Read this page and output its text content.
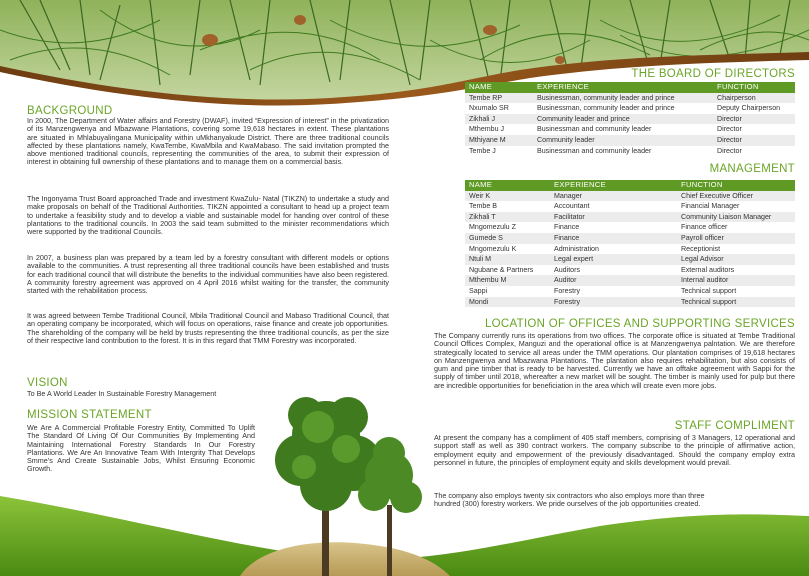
BACKGROUND

In 2000, The Department of Water affairs and Forestry (DWAF), invited “Expression of interest” in the privatization of its Manzengwenya and Mbazwane Plantations, covering some 19,618 hectares in extent. These plantations are situated in Mhlabuyalingana Municipality within uMkhanyakude District. There are three traditional councils affected by these plantations namely, KwaTembe, KwaMbila and KwaMabaso. The said invitation prompted the above mentioned traditional councils, representing the communities of the area, to submit their expression of interest in obtaining full ownership of these plantations and to manage them on a commercial basis.

The Ingonyama Trust Board approached Trade and investment KwaZulu- Natal (TIKZN) to undertake a study and make proposals on behalf of the Traditional Authorities. TIKZN appointed a consultant to head up a project team to undertake a feasibility study and to develop a viable and sustainable model for handing over control of these plantations to the traditional councils. In 2003 the said team submitted to the minister recommendations which were supported by the traditional Councils.

In 2007, a business plan was prepared by a team led by a forestry consultant with different models or options available to the communities. A trust representing all three traditional councils have been established and trusts for each traditional council that will distribute the benefits to the individual communities have also been registered. A community forestry agreement was approved on 4 April 2016 whilst waiting for the transfer, the community started with the rehabilitation process.

It was agreed between Tembe Traditional Council, Mbila Traditional Council and Mabaso Traditional Council, that an operating company be incorporated, which will focus on operations, raise finance and create job opportunities. The shareholding of the company will be held by trusts representing the three traditional councils, as per the size of their respective land contribution to the forest. It is in this regard that TMM Forestry was incorporated.

VISION

To Be A World Leader In Sustainable Forestry Management

MISSION STATEMENT

We Are A Commercial Profitable Forestry Entity, Committed To Uplift The Standard Of Living Of Our Communities By Implementing And Maintaining International Forestry Standards In Our Forestry Plantations. We Are An Innovative Team With Intergrity That Develops Smme’s And Create Sustainable Jobs, Whilst Ensuring Economic Growth.

THE BOARD OF DIRECTORS
NAME	EXPERIENCE	FUNCTION
Tembe RP	Businessman, community leader and prince	Chairperson
Nxumalo SR	Businessman, community leader and prince	Deputy Chairperson
Zikhali J	Community leader and prince	Director
Mthembu J	Businessman and community leader	Director
Mthiyane M	Community leader	Director
Tembe J	Businessman and community leader	Director
MANAGEMENT
NAME	EXPERIENCE	FUNCTION
Weir K	Manager	Chief Executive Officer
Tembe B	Accountant	Financial Manager
Zikhali T	Facilitator	Community Liaison Manager
Mngomezulu Z	Finance	Finance officer
Gumede S	Finance	Payroll officer
Mngomezulu K	Administration	Receptionist
Ntuli M	Legal expert	Legal Advisor
Ngubane & Partners	Auditors	External auditors
Mthembu M	Auditor	Internal auditor
Sappi	Forestry	Technical support
Mondi	Forestry	Technical support
LOCATION OF OFFICES AND SUPPORTING SERVICES

The Company currently runs its operations from two offices. The corporate office is situated at Tembe Traditional Council Offices Complex, Manguzi and the operational office is at Manzengwenya palntation. We are therefore strategically located to service all areas under the TMM operations. Our plantation comprises of 19,618 hectares on Manzengwenya and Mbazwana Plantations. The plantation also requires rehabilitation, but also consists of gum and pine timber that is ready to be harvested. Currently we have an offtake agreement with Sappi for the supply of timber until 2018, whereafter a new market will be sought. The timber is mainly used for pulp but there are incredible opportunities for beneficiation in the area which will create even more jobs.

STAFF COMPLIMENT

At present the company has a compliment of 405 staff members, comprising of 3 Managers, 12 operational and support staff as well as 390 contract workers. The company subscribe to the principle of affirmative action, employment equity and empowerment of the previously disadvantaged. Should the company employ extra personnel in future, the principles of employment equity and skills development would prevail.

The company also employs twenty six contractors who also employs more than three hundred (300) forestry workers. We pride ourselves of the job opportunities created.
